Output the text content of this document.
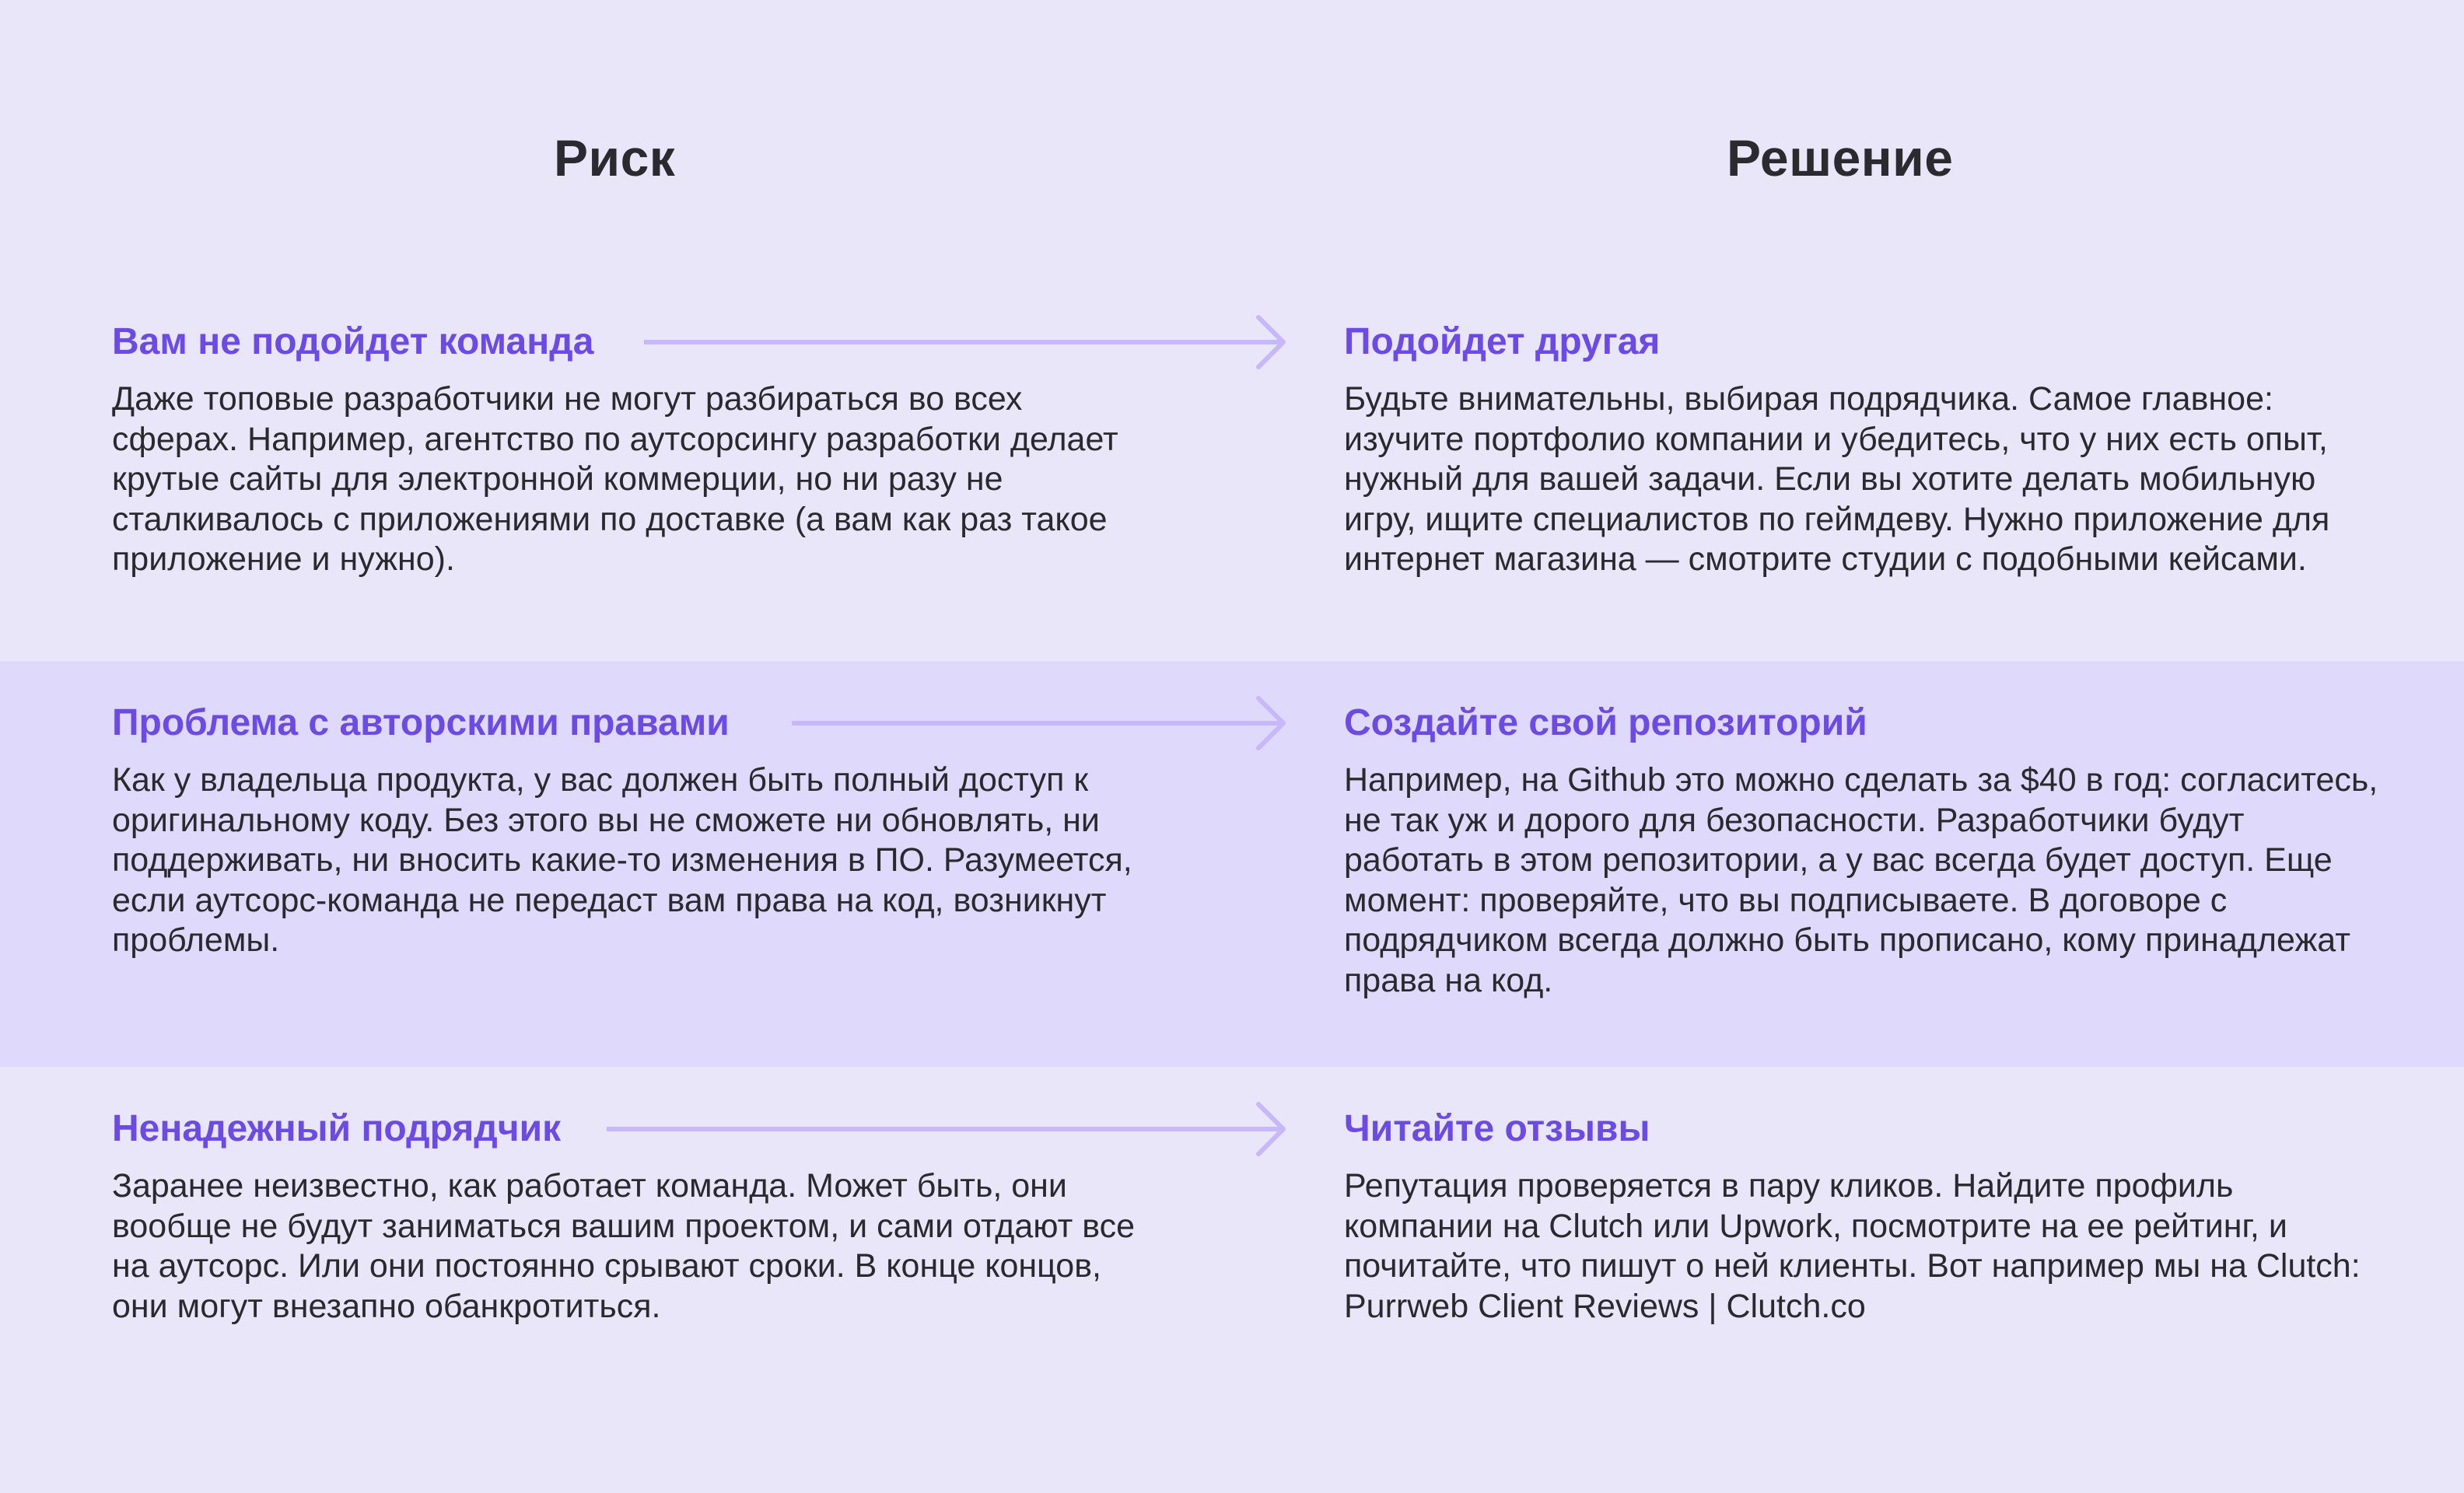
Риск	Решение
Вам не подойдет команда
Даже топовые разработчики не могут разбираться во всех сферах. Например, агентство по аутсорсингу разработки делает крутые сайты для электронной коммерции, но ни разу не сталкивалось с приложениями по доставке (а вам как раз такое приложение и нужно).
Подойдет другая
Будьте внимательны, выбирая подрядчика. Самое главное: изучите портфолио компании и убедитесь, что у них есть опыт, нужный для вашей задачи. Если вы хотите делать мобильную игру, ищите специалистов по геймдеву. Нужно приложение для интернет магазина — смотрите студии с подобными кейсами.
Проблема с авторскими правами
Как у владельца продукта, у вас должен быть полный доступ к оригинальному коду. Без этого вы не сможете ни обновлять, ни поддерживать, ни вносить какие-то изменения в ПО. Разумеется, если аутсорс-команда не передаст вам права на код, возникнут проблемы.
Создайте свой репозиторий
Например, на Github это можно сделать за $40 в год: согласитесь, не так уж и дорого для безопасности. Разработчики будут работать в этом репозитории, а у вас всегда будет доступ. Еще момент: проверяйте, что вы подписываете. В договоре с подрядчиком всегда должно быть прописано, кому принадлежат права на код.
Ненадежный подрядчик
Заранее неизвестно, как работает команда. Может быть, они вообще не будут заниматься вашим проектом, и сами отдают все на аутсорс. Или они постоянно срывают сроки. В конце концов, они могут внезапно обанкротиться.
Читайте отзывы
Репутация проверяется в пару кликов. Найдите профиль компании на Clutch или Upwork, посмотрите на ее рейтинг, и почитайте, что пишут о ней клиенты. Вот например мы на Clutch: Purrweb Client Reviews | Clutch.co
